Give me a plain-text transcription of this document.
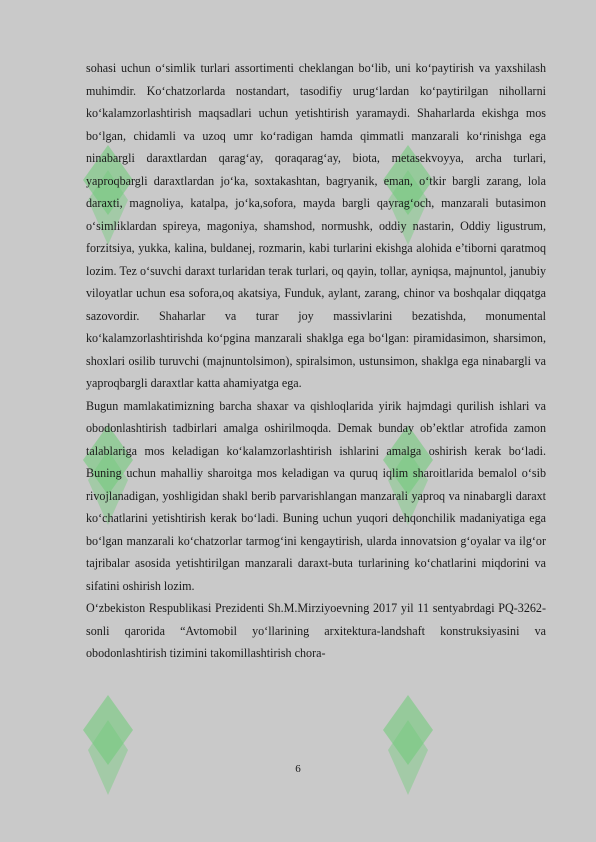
sohasi uchun o‘simlik turlari assortimenti cheklangan bo‘lib, uni ko‘paytirish va yaxshilash muhimdir. Ko‘chatzorlarda nostandart, tasodifiy urug‘lardan ko‘paytirilgan nihollarni ko‘kalamzorlashtirish maqsadlari uchun yetishtirish yaramaydi. Shaharlarda ekishga mos bo‘lgan, chidamli va uzoq umr ko‘radigan hamda qimmatli manzarali ko‘rinishga ega ninabargli daraxtlardan qarag‘ay, qoraqarag‘ay, biota, metasekvoyya, archa turlari, yaproqbargli daraxtlardan jo‘ka, soxtakashtan, bagryanik, eman, o‘tkir bargli zarang, lola daraxti, magnoliya, katalpa, jo‘ka,sofora, mayda bargli qayrag‘och, manzarali butasimon o‘simliklardan spireya, magoniya, shamshod, normushk, oddiy nastarin, Oddiy ligustrum, forzitsiya, yukka, kalina, buldanej, rozmarin, kabi turlarini ekishga alohida e’tiborni qaratmoq lozim. Tez o‘suvchi daraxt turlaridan terak turlari, oq qayin, tollar, ayniqsa, majnuntol, janubiy viloyatlar uchun esa sofora,oq akatsiya, Funduk, aylant, zarang, chinor va boshqalar diqqatga sazovordir. Shaharlar va turar joy massivlarini bezatishda, monumental ko‘kalamzorlashtirishda ko‘pgina manzarali shaklga ega bo‘lgan: piramidasimon, sharsimon, shoxlari osilib turuvchi (majnuntolsimon), spiralsimon, ustunsimon, shaklga ega ninabargli va yaproqbargli daraxtlar katta ahamiyatga ega.

Bugun mamlakatimizning barcha shaxar va qishloqlarida yirik hajmdagi qurilish ishlari va obodonlashtirish tadbirlari amalga oshirilmoqda. Demak bunday ob’ektlar atrofida zamon talablariga mos keladigan ko‘kalamzorlashtirish ishlarini amalga oshirish kerak bo‘ladi. Buning uchun mahalliy sharoitga mos keladigan va quruq iqlim sharoitlarida bemalol o‘sib rivojlanadigan, yoshligidan shakl berib parvarishlangan manzarali yaproq va ninabargli daraxt ko‘chatlarini yetishtirish kerak bo‘ladi. Buning uchun yuqori dehqonchilik madaniyatiga ega bo‘lgan manzarali ko‘chatzorlar tarmog‘ini kengaytirish, ularda innovatsion g‘oyalar va ilg‘or tajribalar asosida yetishtirilgan manzarali daraxt-buta turlarining ko‘chatlarini miqdorini va sifatini oshirish lozim.

O‘zbekiston Respublikasi Prezidenti Sh.M.Mirziyoevning 2017 yil 11 sentyabrdagi PQ-3262-sonli qarorida “Avtomobil yo‘llarining arxitektura-landshaft konstruksiyasini va obodonlashtirish tizimini takomillashtirish chora-

6
